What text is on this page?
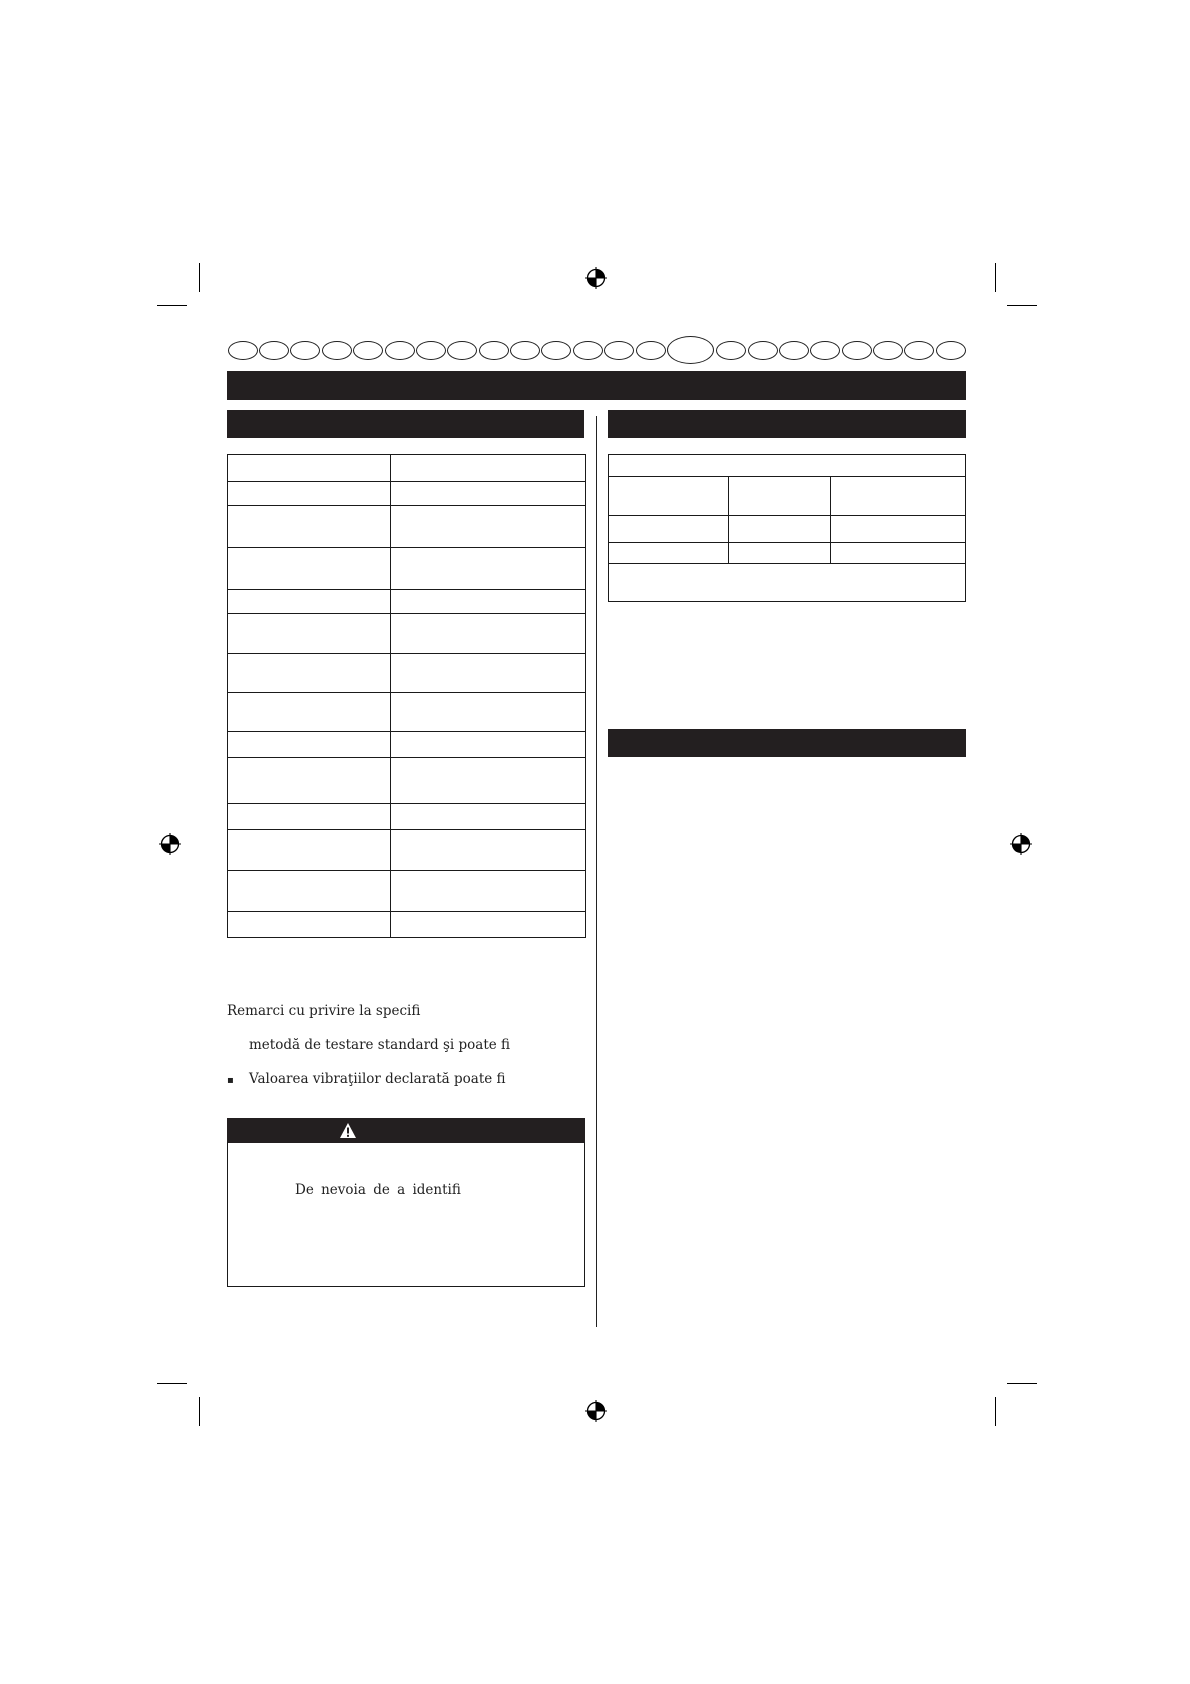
Remarci cu privire la specifi
metodă de testare standard şi poate fi
▪ Valoarea vibraţiilor declarată poate fi
De nevoia de a identifi
